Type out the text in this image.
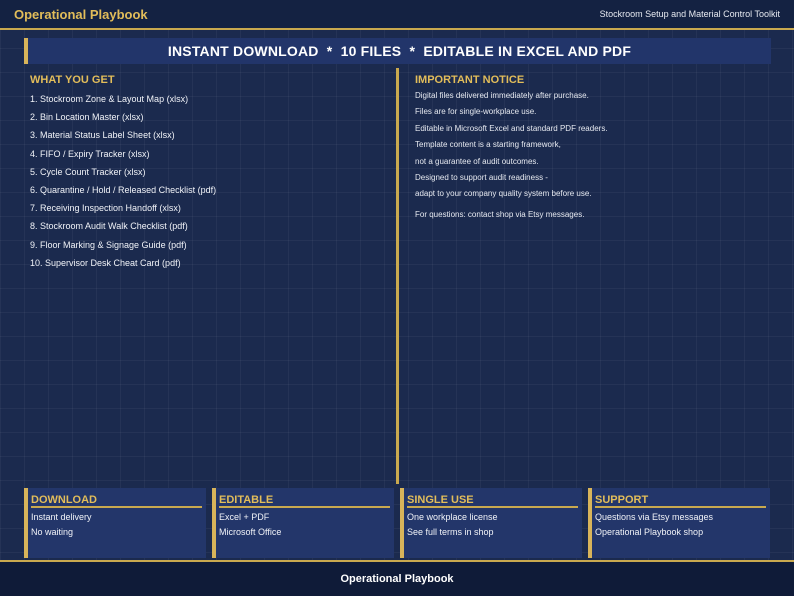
Operational Playbook	Stockroom Setup and Material Control Toolkit
INSTANT DOWNLOAD  *  10 FILES  *  EDITABLE IN EXCEL AND PDF
WHAT YOU GET
1. Stockroom Zone & Layout Map (xlsx)
2. Bin Location Master (xlsx)
3. Material Status Label Sheet (xlsx)
4. FIFO / Expiry Tracker (xlsx)
5. Cycle Count Tracker (xlsx)
6. Quarantine / Hold / Released Checklist (pdf)
7. Receiving Inspection Handoff (xlsx)
8. Stockroom Audit Walk Checklist (pdf)
9. Floor Marking & Signage Guide (pdf)
10. Supervisor Desk Cheat Card (pdf)
IMPORTANT NOTICE

Digital files delivered immediately after purchase.

Files are for single-workplace use.

Editable in Microsoft Excel and standard PDF readers.

Template content is a starting framework,

not a guarantee of audit outcomes.

Designed to support audit readiness -

adapt to your company quality system before use.

For questions: contact shop via Etsy messages.

DOWNLOAD
Instant delivery
No waiting
EDITABLE
Excel + PDF
Microsoft Office
SINGLE USE
One workplace license
See full terms in shop
SUPPORT
Questions via Etsy messages
Operational Playbook shop
Operational Playbook
